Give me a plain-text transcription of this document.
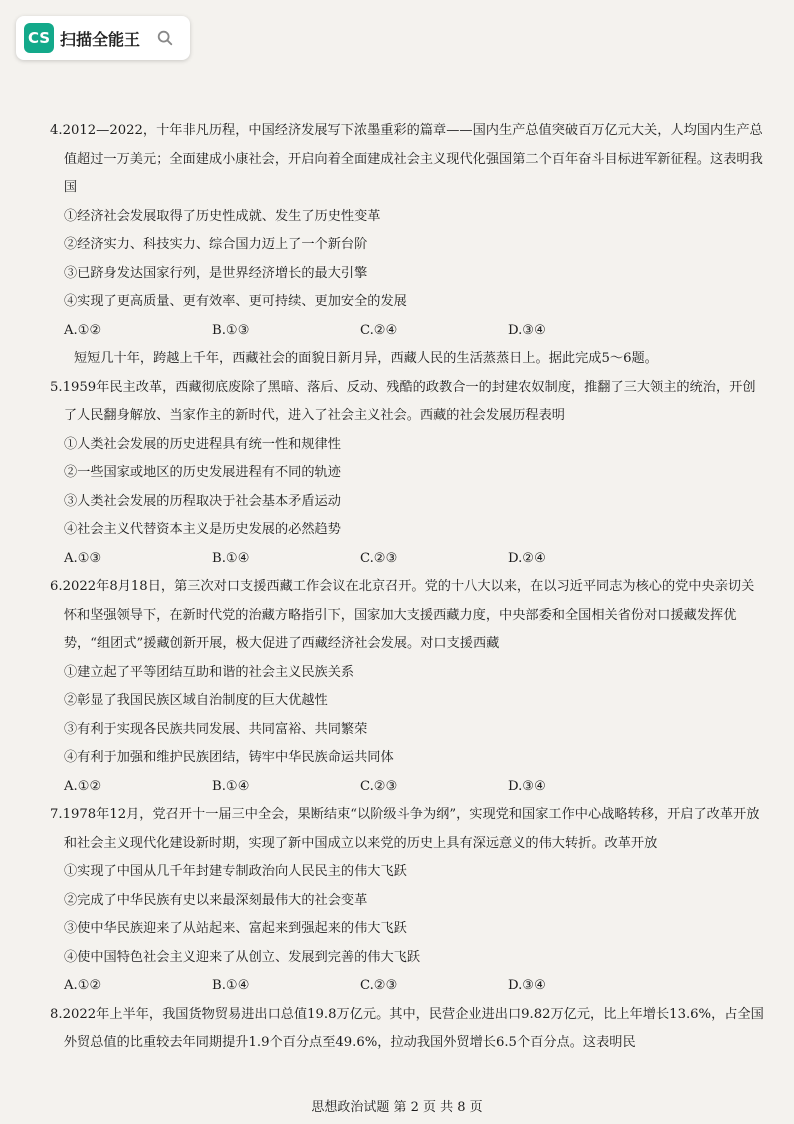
CS 扫描全能王

4.2012—2022，十年非凡历程，中国经济发展写下浓墨重彩的篇章——国内生产总值突破百万亿元大关，人均国内生产总值超过一万美元；全面建成小康社会，开启向着全面建成社会主义现代化强国第二个百年奋斗目标进军新征程。这表明我国

①经济社会发展取得了历史性成就、发生了历史性变革

②经济实力、科技实力、综合国力迈上了一个新台阶

③已跻身发达国家行列，是世界经济增长的最大引擎

④实现了更高质量、更有效率、更可持续、更加安全的发展

A.①②	B.①③	C.②④	D.③④

短短几十年，跨越上千年，西藏社会的面貌日新月异，西藏人民的生活蒸蒸日上。据此完成5～6题。

5.1959年民主改革，西藏彻底废除了黑暗、落后、反动、残酷的政教合一的封建农奴制度，推翻了三大领主的统治，开创了人民翻身解放、当家作主的新时代，进入了社会主义社会。西藏的社会发展历程表明

①人类社会发展的历史进程具有统一性和规律性

②一些国家或地区的历史发展进程有不同的轨迹

③人类社会发展的历程取决于社会基本矛盾运动

④社会主义代替资本主义是历史发展的必然趋势

A.①③	B.①④	C.②③	D.②④

6.2022年8月18日，第三次对口支援西藏工作会议在北京召开。党的十八大以来，在以习近平同志为核心的党中央亲切关怀和坚强领导下，在新时代党的治藏方略指引下，国家加大支援西藏力度，中央部委和全国相关省份对口援藏发挥优势，“组团式”援藏创新开展，极大促进了西藏经济社会发展。对口支援西藏

①建立起了平等团结互助和谐的社会主义民族关系

②彰显了我国民族区域自治制度的巨大优越性

③有利于实现各民族共同发展、共同富裕、共同繁荣

④有利于加强和维护民族团结，铸牢中华民族命运共同体

A.①②	B.①④	C.②③	D.③④

7.1978年12月，党召开十一届三中全会，果断结束“以阶级斗争为纲”，实现党和国家工作中心战略转移，开启了改革开放和社会主义现代化建设新时期，实现了新中国成立以来党的历史上具有深远意义的伟大转折。改革开放

①实现了中国从几千年封建专制政治向人民民主的伟大飞跃

②完成了中华民族有史以来最深刻最伟大的社会变革

③使中华民族迎来了从站起来、富起来到强起来的伟大飞跃

④使中国特色社会主义迎来了从创立、发展到完善的伟大飞跃

A.①②	B.①④	C.②③	D.③④

8.2022年上半年，我国货物贸易进出口总值19.8万亿元。其中，民营企业进出口9.82万亿元，比上年增长13.6%，占全国外贸总值的比重较去年同期提升1.9个百分点至49.6%，拉动我国外贸增长6.5个百分点。这表明民

思想政治试题 第 2 页 共 8 页
